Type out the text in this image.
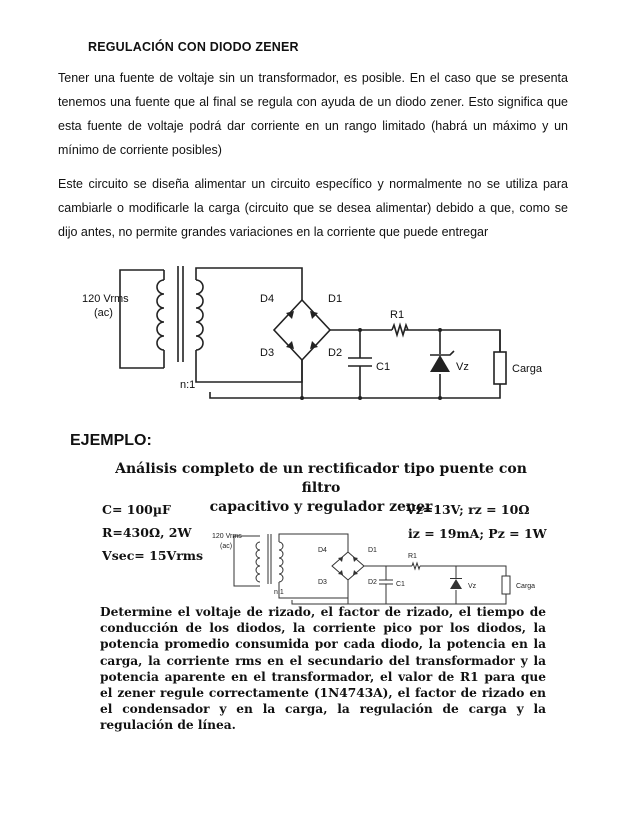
REGULACIÓN CON DIODO ZENER
Tener una fuente de voltaje sin un transformador, es posible. En el caso que se presenta tenemos una fuente que al final se regula con ayuda de un diodo zener. Esto significa que esta fuente de voltaje podrá dar corriente en un rango limitado (habrá un máximo y un mínimo de corriente posibles)
Este circuito se diseña alimentar un circuito específico y normalmente no se utiliza para cambiarle o modificarle la carga (circuito que se desea alimentar) debido a que, como se dijo antes, no permite grandes variaciones en la corriente que puede entregar
120 Vrms
(ac)
n:1
D4	D1
D3	D2
R1
C1	Vz	Carga
EJEMPLO:
Análisis completo de un rectificador tipo puente con filtro
capacitivo y regulador zener
C= 100µF
R=430Ω, 2W
Vsec= 15Vrms
Vz=13V; rz = 10Ω
iz = 19mA; Pz = 1W
120 Vrms
(ac)
n:1
D4	D1
D3	D2
R1
C1	Vz	Carga
Determine el voltaje de rizado, el factor de rizado, el tiempo de conducción de los diodos, la corriente pico por los diodos, la potencia promedio consumida por cada diodo, la potencia en la carga, la corriente rms en el secundario del transformador y la potencia aparente en el transformador, el valor de R1 para que el zener regule correctamente (1N4743A), el factor de rizado en el condensador y en la carga, la regulación de carga y la regulación de línea.
